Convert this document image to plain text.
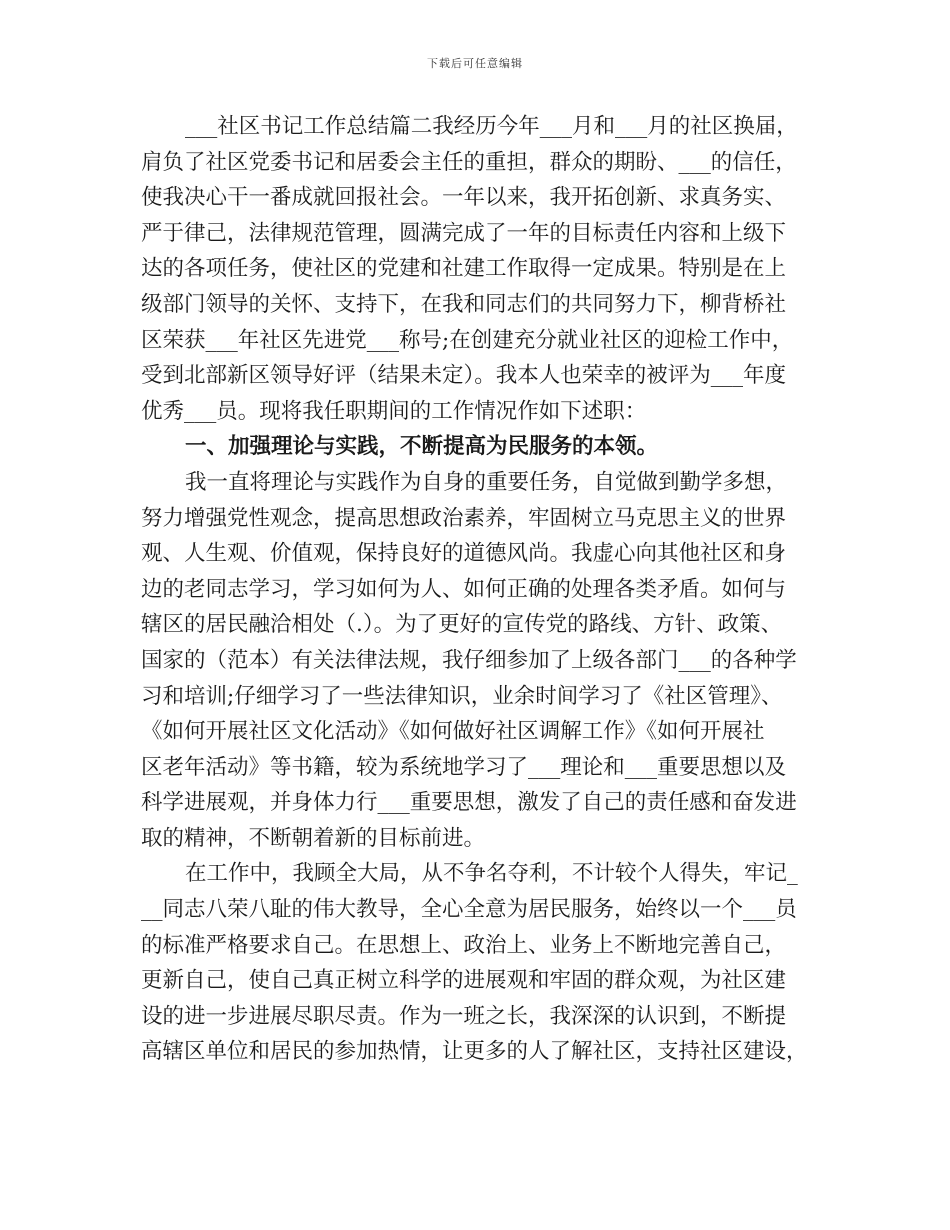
下载后可任意编辑
___社区书记工作总结篇二我经历今年___月和___月的社区换届，
肩负了社区党委书记和居委会主任的重担，群众的期盼、___的信任，
使我决心干一番成就回报社会。一年以来，我开拓创新、求真务实、
严于律己，法律规范管理，圆满完成了一年的目标责任内容和上级下
达的各项任务，使社区的党建和社建工作取得一定成果。特别是在上
级部门领导的关怀、支持下，在我和同志们的共同努力下，柳背桥社
区荣获___年社区先进党___称号;在创建充分就业社区的迎检工作中，
受到北部新区领导好评（结果未定）。我本人也荣幸的被评为___年度
优秀___员。现将我任职期间的工作情况作如下述职：
一、加强理论与实践，不断提高为民服务的本领。
我一直将理论与实践作为自身的重要任务，自觉做到勤学多想，
努力增强党性观念，提高思想政治素养，牢固树立马克思主义的世界
观、人生观、价值观，保持良好的道德风尚。我虚心向其他社区和身
边的老同志学习，学习如何为人、如何正确的处理各类矛盾。如何与
辖区的居民融洽相处（.）。为了更好的宣传党的路线、方针、政策、
国家的（范本）有关法律法规，我仔细参加了上级各部门___的各种学
习和培训;仔细学习了一些法律知识，业余时间学习了《社区管理》、
《如何开展社区文化活动》《如何做好社区调解工作》《如何开展社
区老年活动》等书籍，较为系统地学习了___理论和___重要思想以及
科学进展观，并身体力行___重要思想，激发了自己的责任感和奋发进
取的精神，不断朝着新的目标前进。
在工作中，我顾全大局，从不争名夺利，不计较个人得失，牢记_
__同志八荣八耻的伟大教导，全心全意为居民服务，始终以一个___员
的标准严格要求自己。在思想上、政治上、业务上不断地完善自己，
更新自己，使自己真正树立科学的进展观和牢固的群众观，为社区建
设的进一步进展尽职尽责。作为一班之长，我深深的认识到，不断提
高辖区单位和居民的参加热情，让更多的人了解社区，支持社区建设，
